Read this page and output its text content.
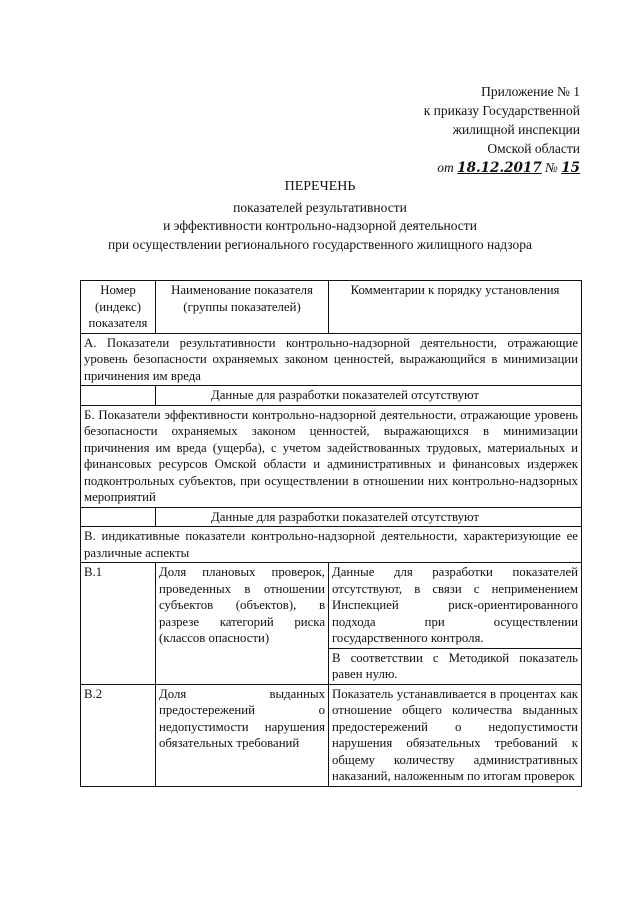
Приложение № 1
к приказу Государственной
жилищной инспекции
Омской области
от 18.12.2017 № 15
ПЕРЕЧЕНЬ
показателей результативности
и эффективности контрольно-надзорной деятельности
при осуществлении регионального государственного жилищного надзора
Номер (индекс) показателя	Наименование показателя (группы показателей)	Комментарии к порядку установления
А. Показатели результативности контрольно-надзорной деятельности, отражающие уровень безопасности охраняемых законом ценностей, выражающийся в минимизации причинения им вреда		
	Данные для разработки показателей отсутствуют	
Б. Показатели эффективности контрольно-надзорной деятельности, отражающие уровень безопасности охраняемых законом ценностей, выражающихся в минимизации причинения им вреда (ущерба), с учетом задействованных трудовых, материальных и финансовых ресурсов Омской области и административных и финансовых издержек подконтрольных субъектов, при осуществлении в отношении них контрольно-надзорных мероприятий		
	Данные для разработки показателей отсутствуют	
В. индикативные показатели контрольно-надзорной деятельности, характеризующие ее различные аспекты		
В.1	Доля плановых проверок, проведенных в отношении субъектов (объектов), в разрезе категорий риска (классов опасности)	Данные для разработки показателей отсутствуют, в связи с неприменением Инспекцией риск-ориентированного подхода при осуществлении государственного контроля.
		В соответствии с Методикой показатель равен нулю.
В.2	Доля выданных предостережений о недопустимости нарушения обязательных требований	Показатель устанавливается в процентах как отношение общего количества выданных предостережений о недопустимости нарушения обязательных требований к общему количеству административных наказаний, наложенным по итогам проверок
